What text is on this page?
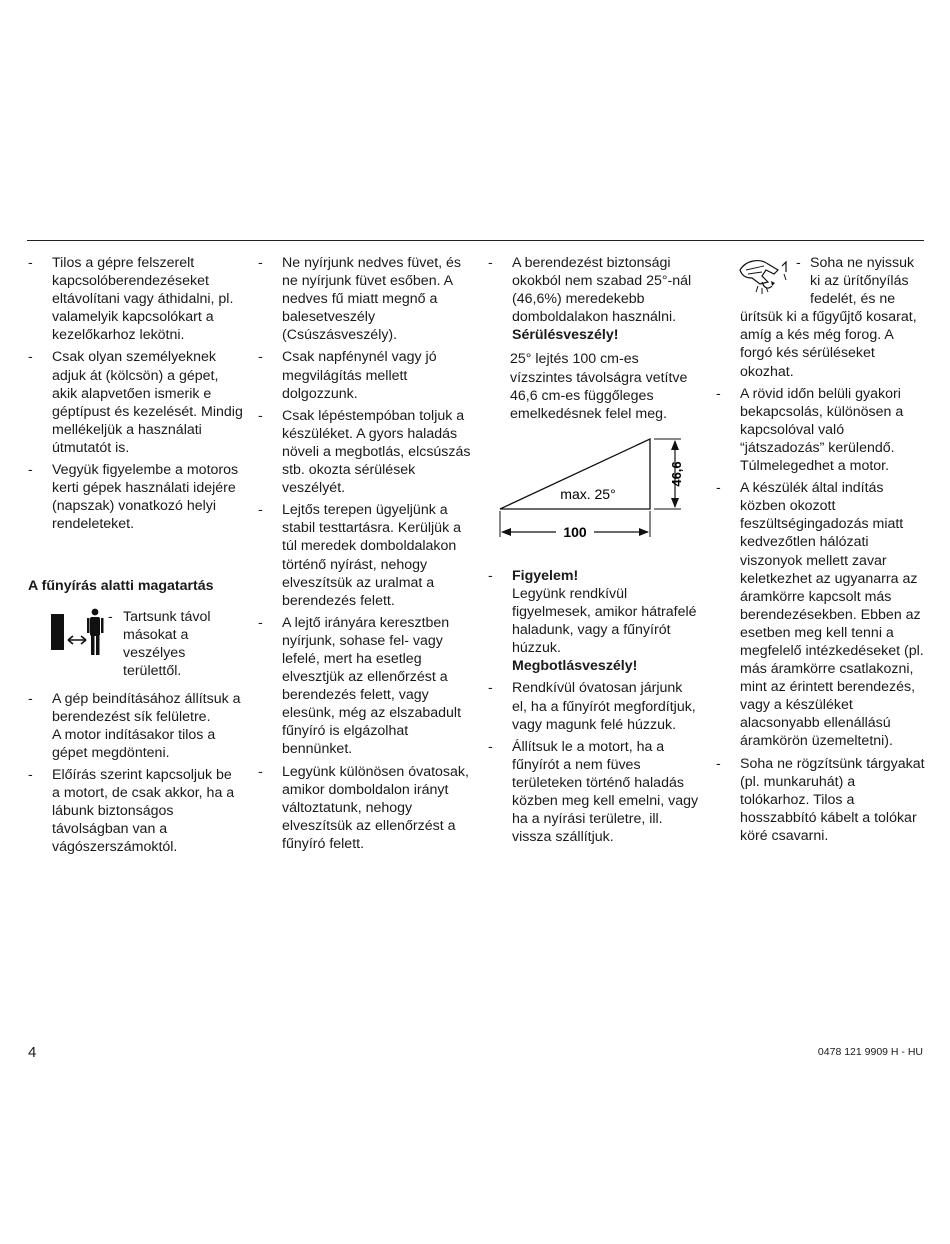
- Tilos a gépre felszerelt kapcsolóberendezéseket eltávolítani vagy áthidalni, pl. valamelyik kapcsolókart a kezelőkarhoz lekötni.

- Csak olyan személyeknek adjuk át (kölcsön) a gépet, akik alapvetően ismerik e géptípust és kezelését. Mindig mellékeljük a használati útmutatót is.

- Vegyük figyelembe a motoros kerti gépek használati idejére (napszak) vonatkozó helyi rendeleteket.

A fűnyírás alatti magatartás
- Tartsunk távol másokat a veszélyes területtől.

- A gép beindításához állítsuk a berendezést sík felületre.

A motor indításakor tilos a gépet megdönteni.

- Előírás szerint kapcsoljuk be a motort, de csak akkor, ha a lábunk biztonságos távolságban van a vágószerszámoktól.

- Ne nyírjunk nedves füvet, és ne nyírjunk füvet esőben. A nedves fű miatt megnő a balesetveszély (Csúszásveszély).

- Csak napfénynél vagy jó megvilágítás mellett dolgozzunk.

- Csak lépéstempóban toljuk a készüléket. A gyors haladás növeli a megbotlás, elcsúszás stb. okozta sérülések veszélyét.

- Lejtős terepen ügyeljünk a stabil testtartásra. Kerüljük a túl meredek domboldalakon történő nyírást, nehogy elveszítsük az uralmat a berendezés felett.

- A lejtő irányára keresztben nyírjunk, sohase fel- vagy lefelé, mert ha esetleg elvesztjük az ellenőrzést a berendezés felett, vagy elesünk, még az elszabadult fűnyíró is elgázolhat bennünket.

- Legyünk különösen óvatosak, amikor domboldalon irányt változtatunk, nehogy elveszítsük az ellenőrzést a fűnyíró felett.

- A berendezést biztonsági okokból nem szabad 25°-nál (46,6%) meredekebb domboldalakon használni.

Sérülésveszély!

25° lejtés 100 cm-es vízszintes távolságra vetítve 46,6 cm-es függőleges emelkedésnek felel meg.

max. 25°
100
46,6
- Figyelem!

Legyünk rendkívül figyelmesek, amikor hátrafelé haladunk, vagy a fűnyírót húzzuk.

Megbotlásveszély!

- Rendkívül óvatosan járjunk el, ha a fűnyírót megfordítjuk, vagy magunk felé húzzuk.

- Állítsuk le a motort, ha a fűnyírót a nem füves területeken történő haladás közben meg kell emelni, vagy ha a nyírási területre, ill. vissza szállítjuk.

- Soha ne nyissuk ki az ürítőnyílás fedelét, és ne

ürítsük ki a fűgyűjtő kosarat, amíg a kés még forog. A forgó kés sérüléseket okozhat.

- A rövid időn belüli gyakori bekapcsolás, különösen a kapcsolóval való “játszadozás” kerülendő. Túlmelegedhet a motor.

- A készülék által indítás közben okozott feszültségingadozás miatt kedvezőtlen hálózati viszonyok mellett zavar keletkezhet az ugyanarra az áramkörre kapcsolt más berendezésekben. Ebben az esetben meg kell tenni a megfelelő intézkedéseket (pl. más áramkörre csatlakozni, mint az érintett berendezés, vagy a készüléket alacsonyabb ellenállású áramkörön üzemeltetni).

- Soha ne rögzítsünk tárgyakat (pl. munkaruhát) a tolókarhoz. Tilos a hosszabbító kábelt a tolókar köré csavarni.

4	0478 121 9909 H - HU
